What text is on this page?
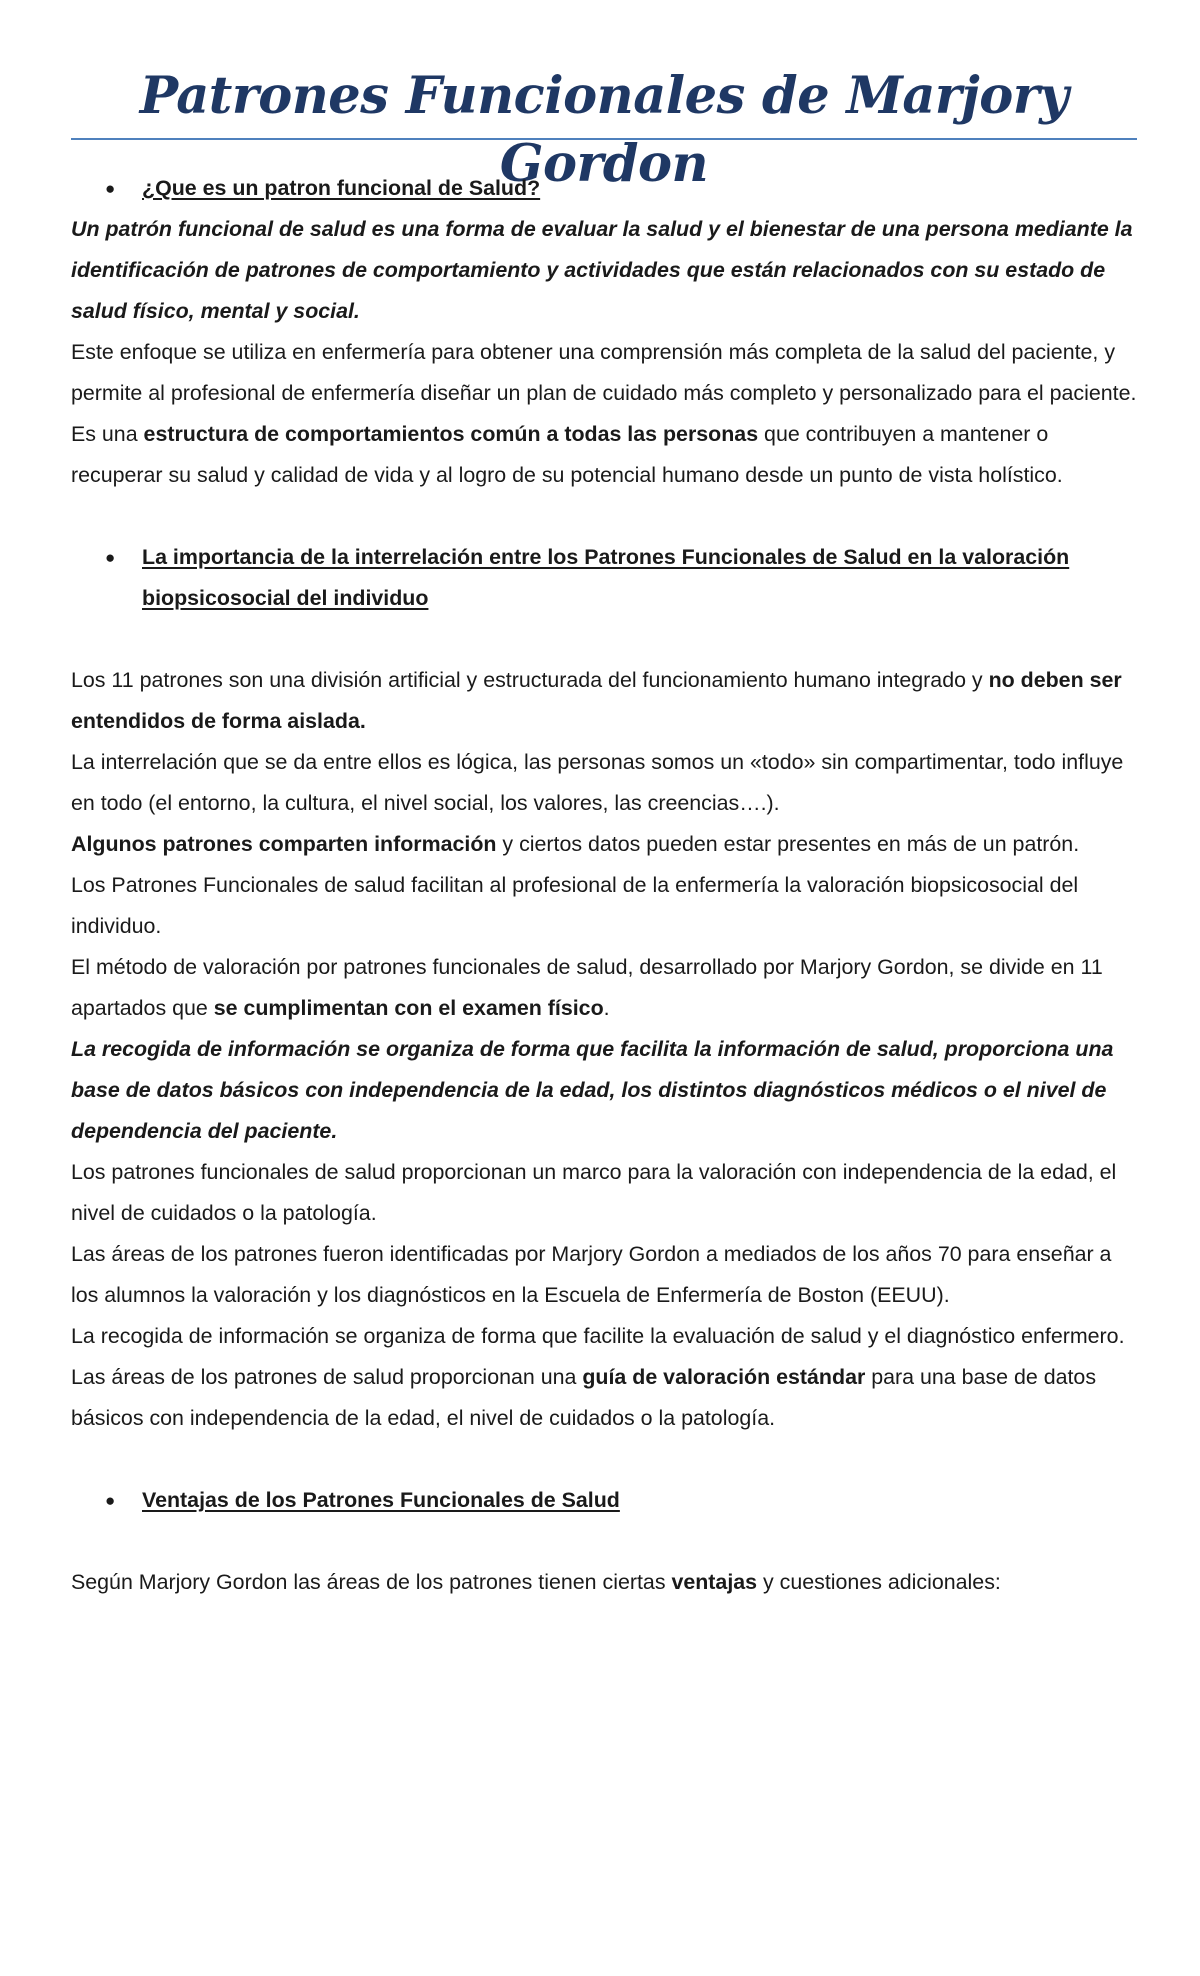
Patrones Funcionales de Marjory Gordon

● ¿Que es un patron funcional de Salud?

Un patrón funcional de salud es una forma de evaluar la salud y el bienestar de una persona mediante la identificación de patrones de comportamiento y actividades que están relacionados con su estado de salud físico, mental y social.

Este enfoque se utiliza en enfermería para obtener una comprensión más completa de la salud del paciente, y permite al profesional de enfermería diseñar un plan de cuidado más completo y personalizado para el paciente.

Es una estructura de comportamientos común a todas las personas que contribuyen a mantener o recuperar su salud y calidad de vida y al logro de su potencial humano desde un punto de vista holístico.

● La importancia de la interrelación entre los Patrones Funcionales de Salud en la valoración biopsicosocial del individuo

Los 11 patrones son una división artificial y estructurada del funcionamiento humano integrado y no deben ser entendidos de forma aislada.

La interrelación que se da entre ellos es lógica, las personas somos un «todo» sin compartimentar, todo influye en todo (el entorno, la cultura, el nivel social, los valores, las creencias….).

Algunos patrones comparten información y ciertos datos pueden estar presentes en más de un patrón.

Los Patrones Funcionales de salud facilitan al profesional de la enfermería la valoración biopsicosocial del individuo.

El método de valoración por patrones funcionales de salud, desarrollado por Marjory Gordon, se divide en 11 apartados que se cumplimentan con el examen físico.

La recogida de información se organiza de forma que facilita la información de salud, proporciona una base de datos básicos con independencia de la edad, los distintos diagnósticos médicos o el nivel de dependencia del paciente.

Los patrones funcionales de salud proporcionan un marco para la valoración con independencia de la edad, el nivel de cuidados o la patología.

Las áreas de los patrones fueron identificadas por Marjory Gordon a mediados de los años 70 para enseñar a los alumnos la valoración y los diagnósticos en la Escuela de Enfermería de Boston (EEUU).

La recogida de información se organiza de forma que facilite la evaluación de salud y el diagnóstico enfermero.

Las áreas de los patrones de salud proporcionan una guía de valoración estándar para una base de datos básicos con independencia de la edad, el nivel de cuidados o la patología.

● Ventajas de los Patrones Funcionales de Salud

Según Marjory Gordon las áreas de los patrones tienen ciertas ventajas y cuestiones adicionales:
